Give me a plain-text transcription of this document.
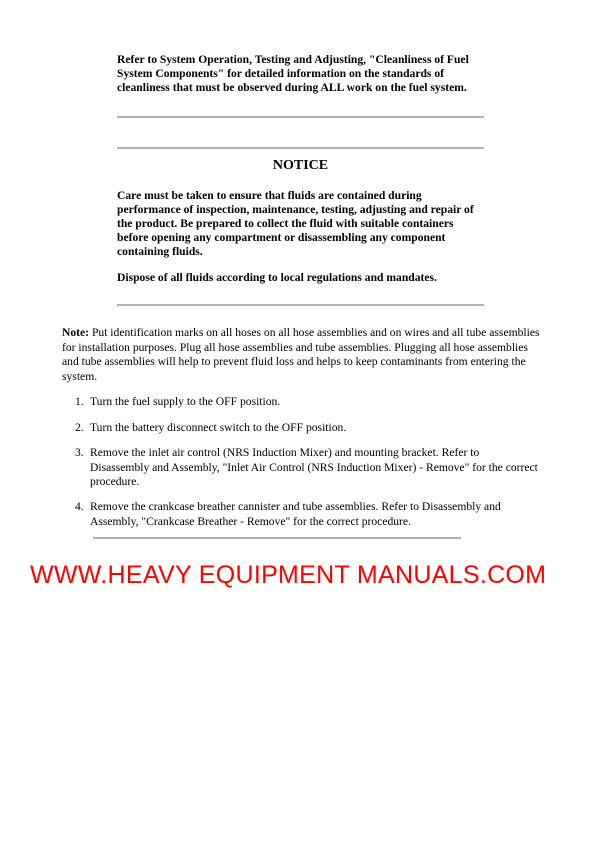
Refer to System Operation, Testing and Adjusting, "Cleanliness of Fuel System Components" for detailed information on the standards of cleanliness that must be observed during ALL work on the fuel system.
NOTICE
Care must be taken to ensure that fluids are contained during performance of inspection, maintenance, testing, adjusting and repair of the product. Be prepared to collect the fluid with suitable containers before opening any compartment or disassembling any component containing fluids.
Dispose of all fluids according to local regulations and mandates.
Note: Put identification marks on all hoses on all hose assemblies and on wires and all tube assemblies for installation purposes. Plug all hose assemblies and tube assemblies. Plugging all hose assemblies and tube assemblies will help to prevent fluid loss and helps to keep contaminants from entering the system.
1. Turn the fuel supply to the OFF position.
2. Turn the battery disconnect switch to the OFF position.
3. Remove the inlet air control (NRS Induction Mixer) and mounting bracket. Refer to Disassembly and Assembly, "Inlet Air Control (NRS Induction Mixer) - Remove" for the correct procedure.
4. Remove the crankcase breather cannister and tube assemblies. Refer to Disassembly and Assembly, "Crankcase Breather - Remove" for the correct procedure.
WWW.HEAVY EQUIPMENT MANUALS.COM
